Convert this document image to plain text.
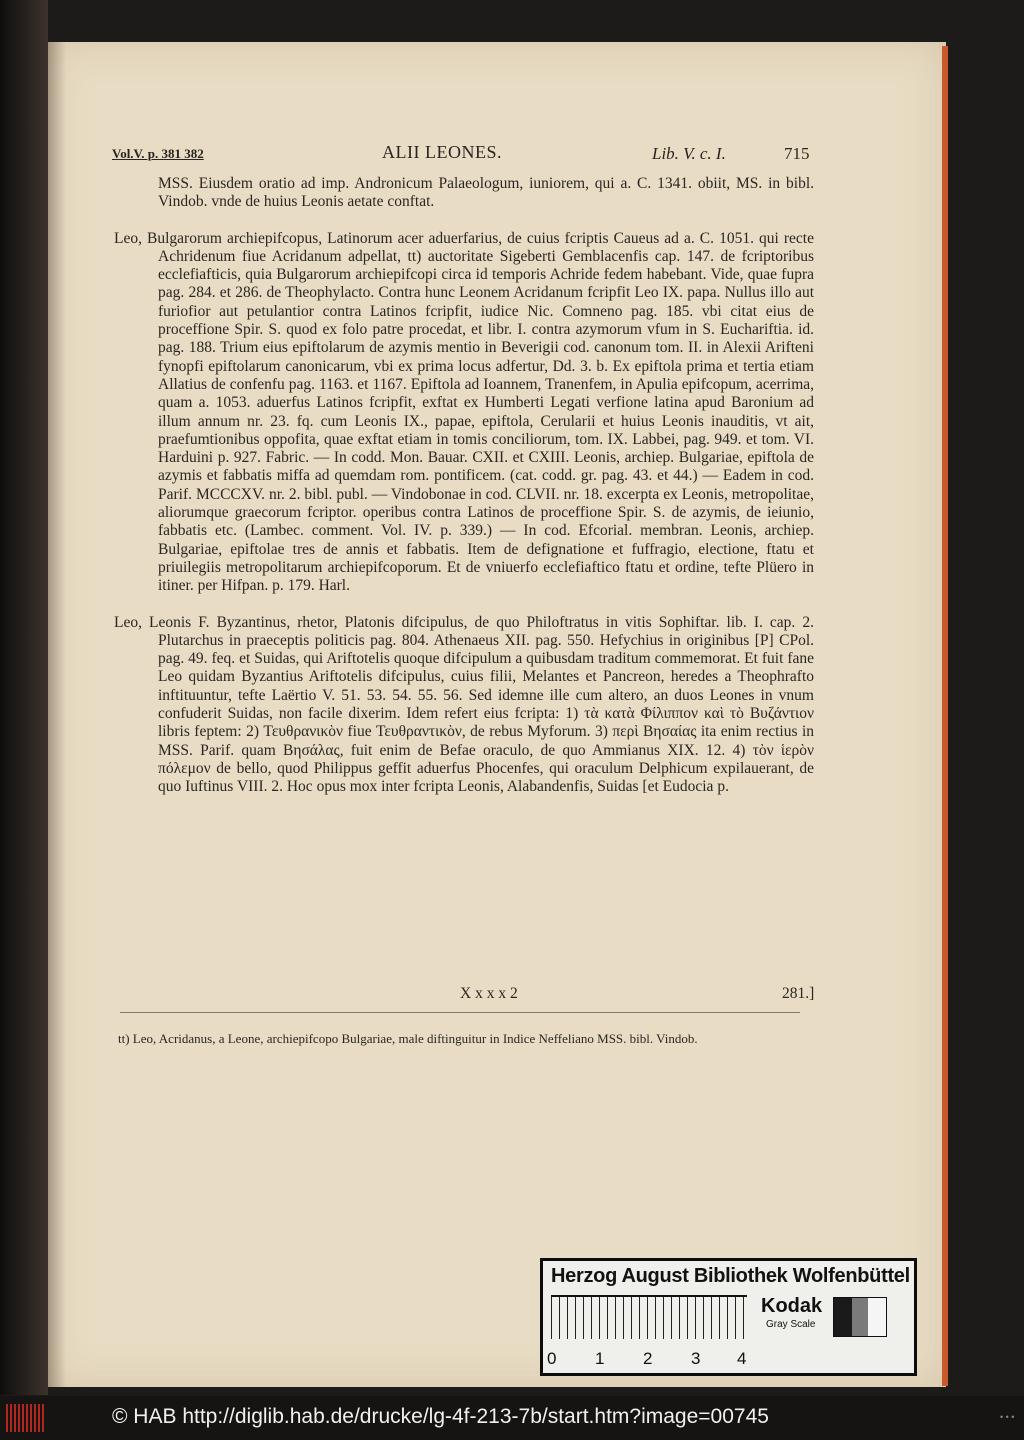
Vol.V. p. 381 382	ALII LEONES.	Lib. V. c. I.	715

MSS. Eiusdem oratio ad imp. Andronicum Palaeologum, iuniorem, qui a. C. 1341. obiit, MS. in bibl. Vindob. vnde de huius Leonis aetate conftat.

Leo, Bulgarorum archiepifcopus, Latinorum acer aduerfarius, de cuius fcriptis Caueus ad a. C. 1051. qui recte Achridenum fiue Acridanum adpellat, tt) auctoritate Sigeberti Gemblacenfis cap. 147. de fcriptoribus ecclefiafticis, quia Bulgarorum archiepifcopi circa id temporis Achride fedem habebant. Vide, quae fupra pag. 284. et 286. de Theophylacto. Contra hunc Leonem Acridanum fcripfit Leo IX. papa. Nullus illo aut furiofior aut petulantior contra Latinos fcripfit, iudice Nic. Comneno pag. 185. vbi citat eius de proceffione Spir. S. quod ex folo patre procedat, et libr. I. contra azymorum vfum in S. Euchariftia. id. pag. 188. Trium eius epiftolarum de azymis mentio in Beverigii cod. canonum tom. II. in Alexii Arifteni fynopfi epiftolarum canonicarum, vbi ex prima locus adfertur, Dd. 3. b. Ex epiftola prima et tertia etiam Allatius de confenfu pag. 1163. et 1167. Epiftola ad Ioannem, Tranenfem, in Apulia epifcopum, acerrima, quam a. 1053. aduerfus Latinos fcripfit, exftat ex Humberti Legati verfione latina apud Baronium ad illum annum nr. 23. fq. cum Leonis IX., papae, epiftola, Cerularii et huius Leonis inauditis, vt ait, praefumtionibus oppofita, quae exftat etiam in tomis conciliorum, tom. IX. Labbei, pag. 949. et tom. VI. Harduini p. 927. Fabric. — In codd. Mon. Bauar. CXII. et CXIII. Leonis, archiep. Bulgariae, epiftola de azymis et fabbatis miffa ad quemdam rom. pontificem. (cat. codd. gr. pag. 43. et 44.) — Eadem in cod. Parif. MCCCXV. nr. 2. bibl. publ. — Vindobonae in cod. CLVII. nr. 18. excerpta ex Leonis, metropolitae, aliorumque graecorum fcriptor. operibus contra Latinos de proceffione Spir. S. de azymis, de ieiunio, fabbatis etc. (Lambec. comment. Vol. IV. p. 339.) — In cod. Efcorial. membran. Leonis, archiep. Bulgariae, epiftolae tres de annis et fabbatis. Item de defignatione et fuffragio, electione, ftatu et priuilegiis metropolitarum archiepifcoporum. Et de vniuerfo ecclefiaftico ftatu et ordine, tefte Plüero in itiner. per Hifpan. p. 179. Harl.

Leo, Leonis F. Byzantinus, rhetor, Platonis difcipulus, de quo Philoftratus in vitis Sophiftar. lib. I. cap. 2. Plutarchus in praeceptis politicis pag. 804. Athenaeus XII. pag. 550. Hefychius in originibus [P] CPol. pag. 49. feq. et Suidas, qui Ariftotelis quoque difcipulum a quibusdam traditum commemorat. Et fuit fane Leo quidam Byzantius Ariftotelis difcipulus, cuius filii, Melantes et Pancreon, heredes a Theophrafto inftituuntur, tefte Laërtio V. 51. 53. 54. 55. 56. Sed idemne ille cum altero, an duos Leones in vnum confuderit Suidas, non facile dixerim. Idem refert eius fcripta: 1) τὰ κατὰ Φίλιππον καὶ τὸ Βυζάντιον libris feptem: 2) Τευθρανικὸν fiue Τευθραντικὸν, de rebus Myforum. 3) περὶ Βησαίας ita enim rectius in MSS. Parif. quam Βησάλας, fuit enim de Befae oraculo, de quo Ammianus XIX. 12. 4) τὸν ἱερὸν πόλεμον de bello, quod Philippus geffit aduerfus Phocenfes, qui oraculum Delphicum expilauerant, de quo Iuftinus VIII. 2. Hoc opus mox inter fcripta Leonis, Alabandenfis, Suidas [et Eudocia p.

X x x x 2	281.]
tt) Leo, Acridanus, a Leone, archiepifcopo Bulgariae, male diftinguitur in Indice Neffeliano MSS. bibl. Vindob.
Herzog August Bibliothek Wolfenbüttel
0 1 2 3 4
Kodak
Gray Scale
© HAB http://diglib.hab.de/drucke/lg-4f-213-7b/start.htm?image=00745	• • •
